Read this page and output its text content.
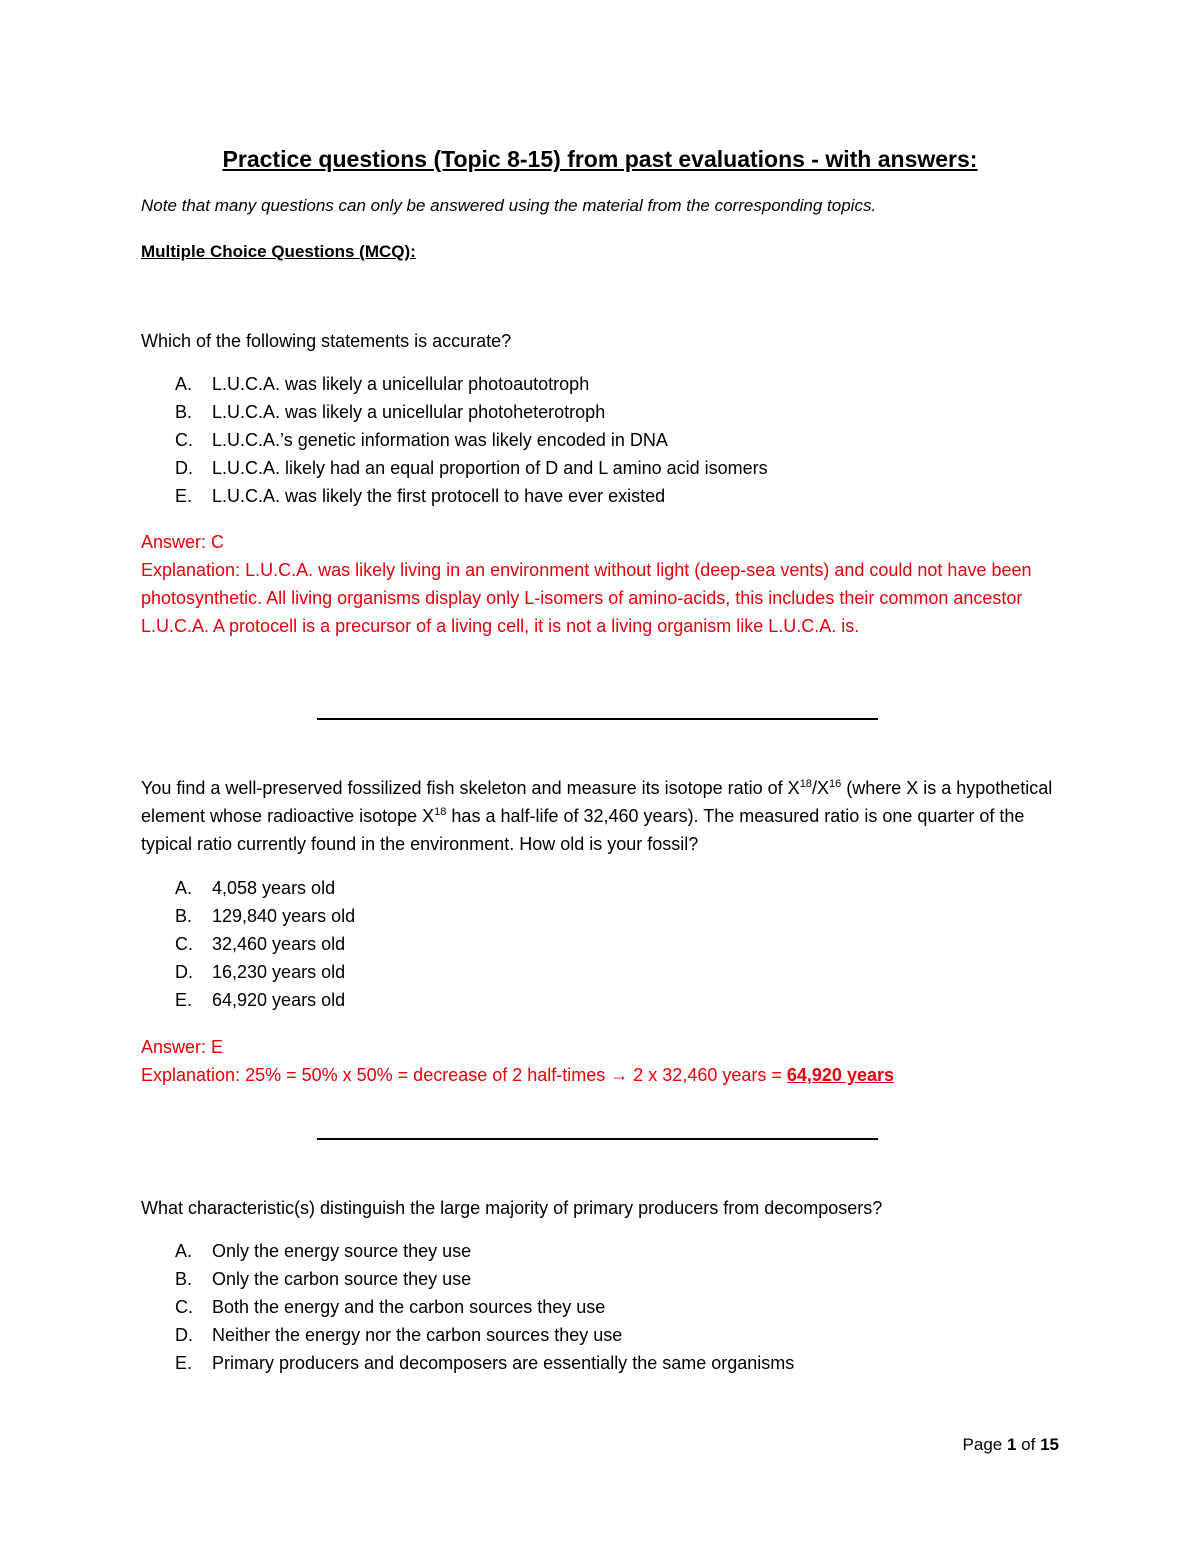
Practice questions (Topic 8-15) from past evaluations - with answers:
Note that many questions can only be answered using the material from the corresponding topics.
Multiple Choice Questions (MCQ):
Which of the following statements is accurate?
A. L.U.C.A. was likely a unicellular photoautotroph
B. L.U.C.A. was likely a unicellular photoheterotroph
C. L.U.C.A.’s genetic information was likely encoded in DNA
D. L.U.C.A. likely had an equal proportion of D and L amino acid isomers
E. L.U.C.A. was likely the first protocell to have ever existed
Answer: C
Explanation: L.U.C.A. was likely living in an environment without light (deep-sea vents) and could not have been photosynthetic. All living organisms display only L-isomers of amino-acids, this includes their common ancestor L.U.C.A. A protocell is a precursor of a living cell, it is not a living organism like L.U.C.A. is.
You find a well-preserved fossilized fish skeleton and measure its isotope ratio of $X^{18}/X^{16}$ (where X is a hypothetical element whose radioactive isotope $X^{18}$ has a half-life of 32,460 years). The measured ratio is one quarter of the typical ratio currently found in the environment. How old is your fossil?
A. 4,058 years old
B. 129,840 years old
C. 32,460 years old
D. 16,230 years old
E. 64,920 years old
Answer: E
Explanation: 25% = 50% x 50% = decrease of 2 half-times → 2 x 32,460 years = 64,920 years
What characteristic(s) distinguish the large majority of primary producers from decomposers?
A. Only the energy source they use
B. Only the carbon source they use
C. Both the energy and the carbon sources they use
D. Neither the energy nor the carbon sources they use
E. Primary producers and decomposers are essentially the same organisms
Page 1 of 15
